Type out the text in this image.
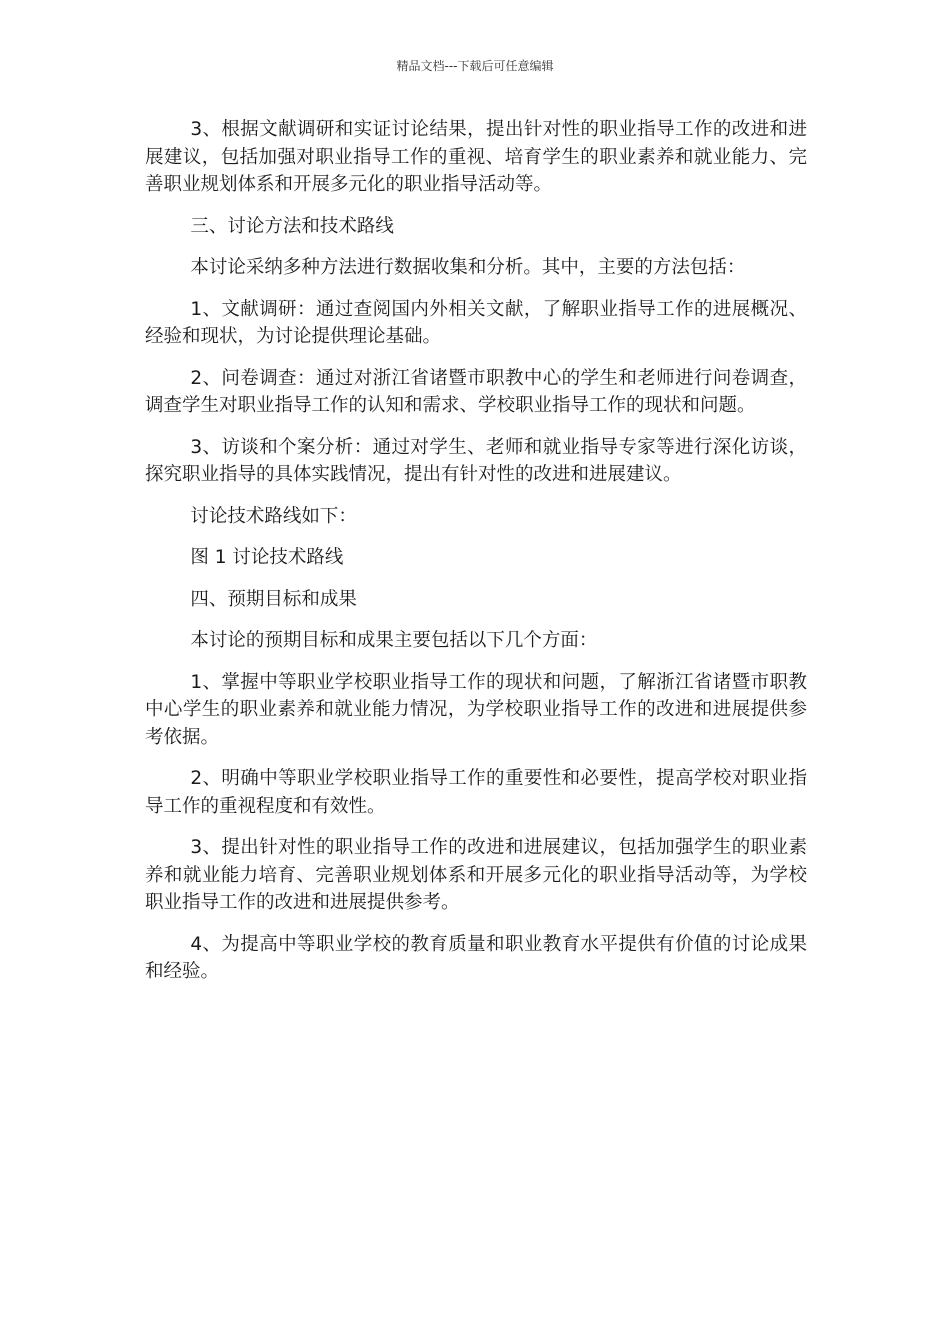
精品文档---下载后可任意编辑

3、根据文献调研和实证讨论结果，提出针对性的职业指导工作的改进和进展建议，包括加强对职业指导工作的重视、培育学生的职业素养和就业能力、完善职业规划体系和开展多元化的职业指导活动等。

三、讨论方法和技术路线

本讨论采纳多种方法进行数据收集和分析。其中，主要的方法包括：

1、文献调研：通过查阅国内外相关文献，了解职业指导工作的进展概况、经验和现状，为讨论提供理论基础。

2、问卷调查：通过对浙江省诸暨市职教中心的学生和老师进行问卷调查，调查学生对职业指导工作的认知和需求、学校职业指导工作的现状和问题。

3、访谈和个案分析：通过对学生、老师和就业指导专家等进行深化访谈，探究职业指导的具体实践情况，提出有针对性的改进和进展建议。

讨论技术路线如下：

图 1 讨论技术路线

四、预期目标和成果

本讨论的预期目标和成果主要包括以下几个方面：

1、掌握中等职业学校职业指导工作的现状和问题，了解浙江省诸暨市职教中心学生的职业素养和就业能力情况，为学校职业指导工作的改进和进展提供参考依据。

2、明确中等职业学校职业指导工作的重要性和必要性，提高学校对职业指导工作的重视程度和有效性。

3、提出针对性的职业指导工作的改进和进展建议，包括加强学生的职业素养和就业能力培育、完善职业规划体系和开展多元化的职业指导活动等，为学校职业指导工作的改进和进展提供参考。

4、为提高中等职业学校的教育质量和职业教育水平提供有价值的讨论成果和经验。
